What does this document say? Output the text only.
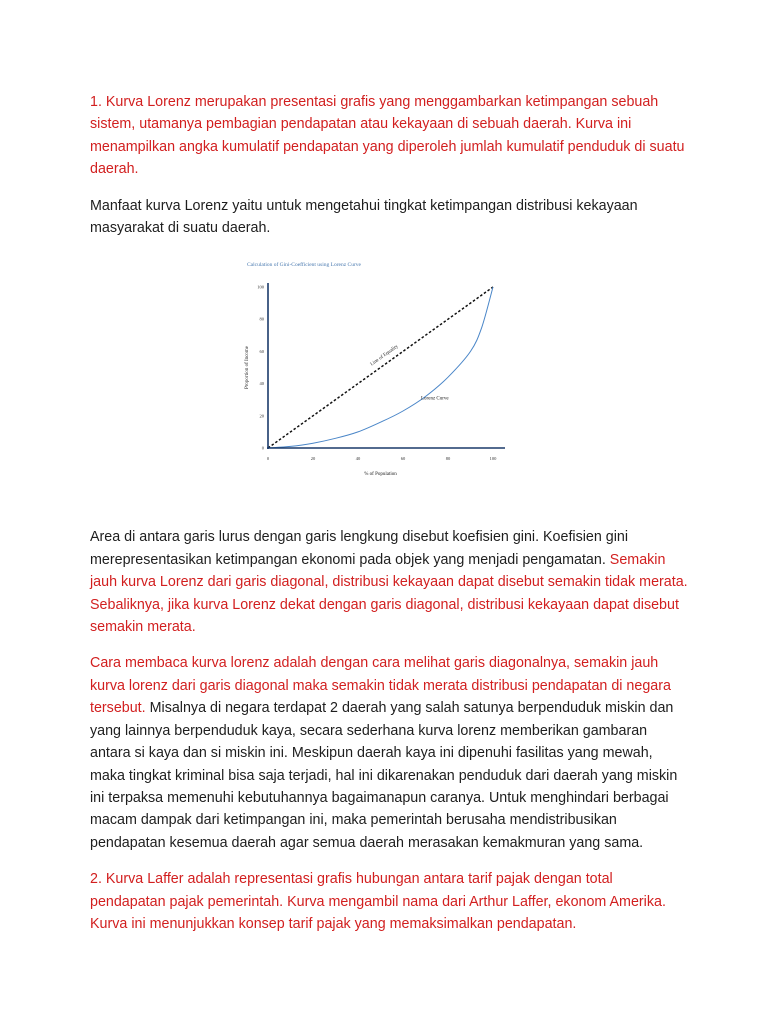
1. Kurva Lorenz merupakan presentasi grafis yang menggambarkan ketimpangan sebuah sistem, utamanya pembagian pendapatan atau kekayaan di sebuah daerah. Kurva ini menampilkan angka kumulatif pendapatan yang diperoleh jumlah kumulatif penduduk di suatu daerah.

Manfaat kurva Lorenz yaitu untuk mengetahui tingkat ketimpangan distribusi kekayaan masyarakat di suatu daerah.

Calculation of Gini-Coefficient using Lorenz Curve
0
20
40
60
80
100
0	20	40	60	80	100
Line of Equality
Lorenz Curve
% of Population
Proportion of Income

Area di antara garis lurus dengan garis lengkung disebut koefisien gini. Koefisien gini merepresentasikan ketimpangan ekonomi pada objek yang menjadi pengamatan. Semakin jauh kurva Lorenz dari garis diagonal, distribusi kekayaan dapat disebut semakin tidak merata. Sebaliknya, jika kurva Lorenz dekat dengan garis diagonal, distribusi kekayaan dapat disebut semakin merata.

Cara membaca kurva lorenz adalah dengan cara melihat garis diagonalnya, semakin jauh kurva lorenz dari garis diagonal maka semakin tidak merata distribusi pendapatan di negara tersebut. Misalnya di negara terdapat 2 daerah yang salah satunya berpenduduk miskin dan yang lainnya berpenduduk kaya, secara sederhana kurva lorenz memberikan gambaran antara si kaya dan si miskin ini. Meskipun daerah kaya ini dipenuhi fasilitas yang mewah, maka tingkat kriminal bisa saja terjadi, hal ini dikarenakan penduduk dari daerah yang miskin ini terpaksa memenuhi kebutuhannya bagaimanapun caranya. Untuk menghindari berbagai macam dampak dari ketimpangan ini, maka pemerintah berusaha mendistribusikan pendapatan kesemua daerah agar semua daerah merasakan kemakmuran yang sama.

2. Kurva Laffer adalah representasi grafis hubungan antara tarif pajak dengan total pendapatan pajak pemerintah. Kurva mengambil nama dari Arthur Laffer, ekonom Amerika. Kurva ini menunjukkan konsep tarif pajak yang memaksimalkan pendapatan.
